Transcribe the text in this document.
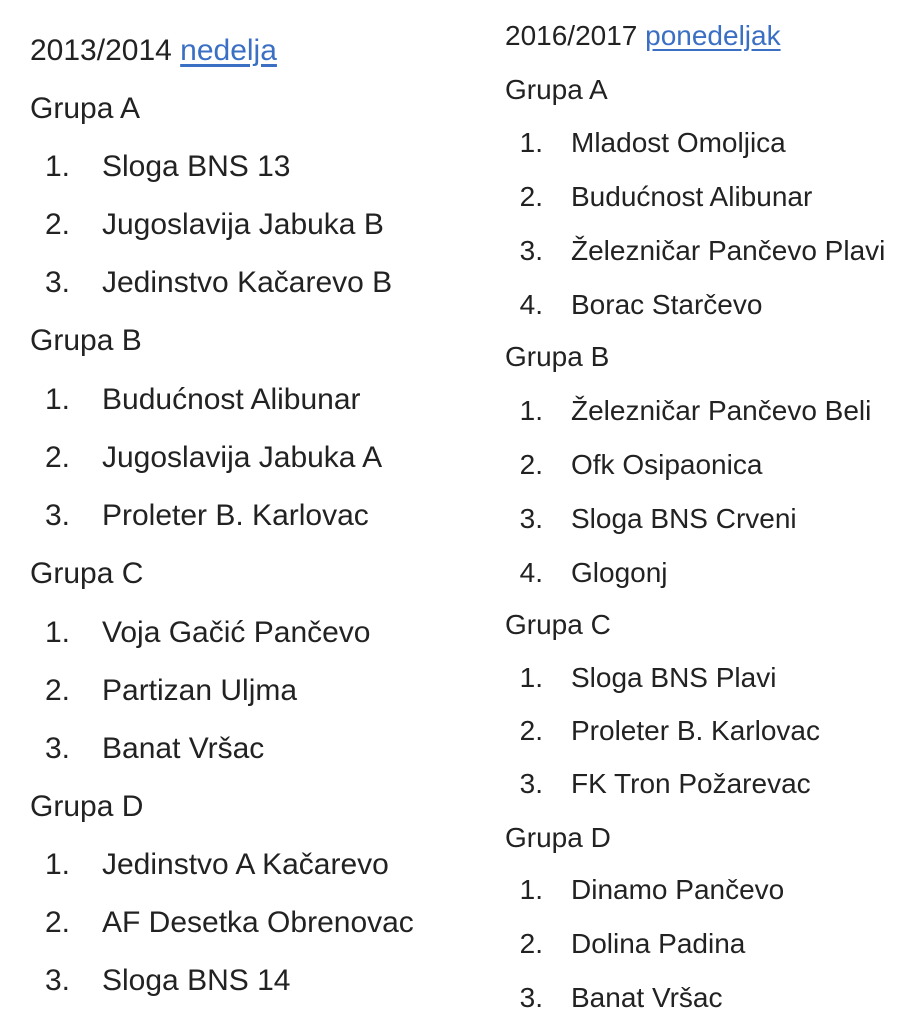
2013/2014 nedelja
Grupa A
1. Sloga BNS 13
2. Jugoslavija Jabuka B
3. Jedinstvo Kačarevo B
Grupa B
1. Budućnost Alibunar
2. Jugoslavija Jabuka A
3. Proleter B. Karlovac
Grupa C
1. Voja Gačić Pančevo
2. Partizan Uljma
3. Banat Vršac
Grupa D
1. Jedinstvo A Kačarevo
2. AF Desetka Obrenovac
3. Sloga BNS 14
2016/2017 ponedeljak
Grupa A
1. Mladost Omoljica
2. Budućnost Alibunar
3. Železničar Pančevo Plavi
4. Borac Starčevo
Grupa B
1. Železničar Pančevo Beli
2. Ofk Osipaonica
3. Sloga BNS Crveni
4. Glogonj
Grupa C
1. Sloga BNS Plavi
2. Proleter B. Karlovac
3. FK Tron Požarevac
Grupa D
1. Dinamo Pančevo
2. Dolina Padina
3. Banat Vršac
